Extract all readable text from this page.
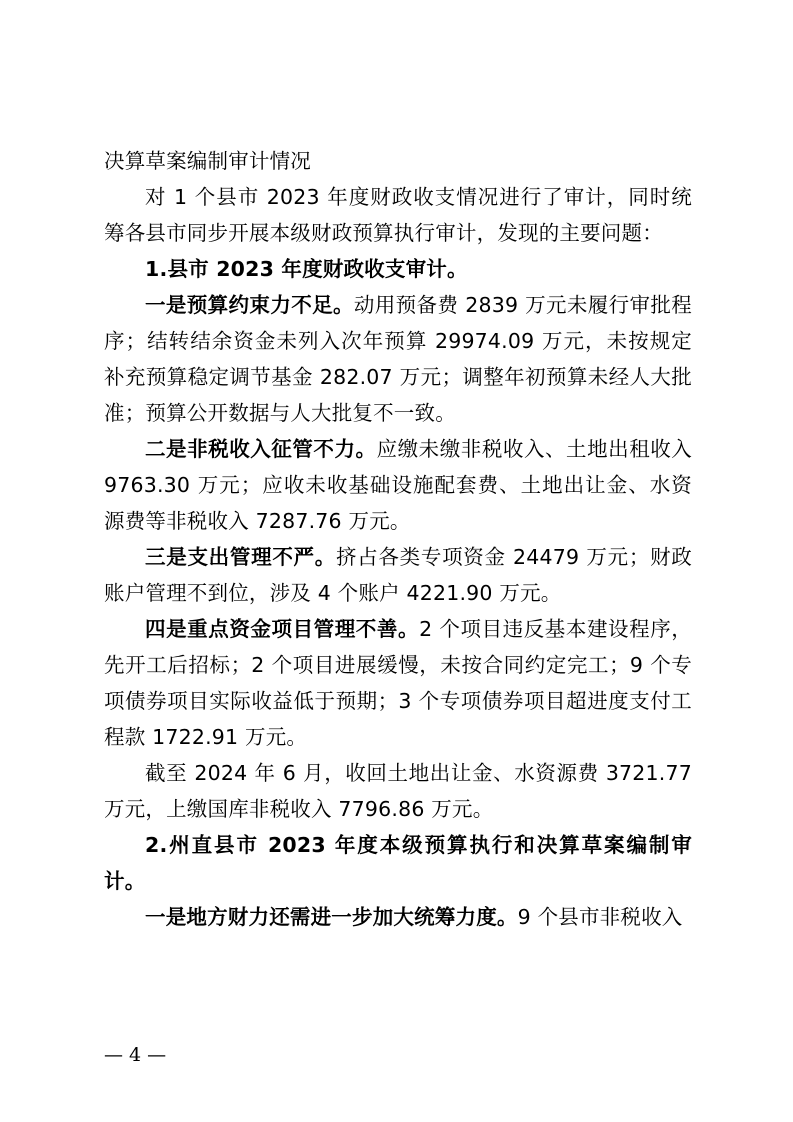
决算草案编制审计情况

对 1 个县市 2023 年度财政收支情况进行了审计，同时统筹各县市同步开展本级财政预算执行审计，发现的主要问题：

1.县市 2023 年度财政收支审计。

一是预算约束力不足。动用预备费 2839 万元未履行审批程序；结转结余资金未列入次年预算 29974.09 万元，未按规定补充预算稳定调节基金 282.07 万元；调整年初预算未经人大批准；预算公开数据与人大批复不一致。

二是非税收入征管不力。应缴未缴非税收入、土地出租收入 9763.30 万元；应收未收基础设施配套费、土地出让金、水资源费等非税收入 7287.76 万元。

三是支出管理不严。挤占各类专项资金 24479 万元；财政账户管理不到位，涉及 4 个账户 4221.90 万元。

四是重点资金项目管理不善。2 个项目违反基本建设程序，先开工后招标；2 个项目进展缓慢，未按合同约定完工；9 个专项债券项目实际收益低于预期；3 个专项债券项目超进度支付工程款 1722.91 万元。

截至 2024 年 6 月，收回土地出让金、水资源费 3721.77 万元，上缴国库非税收入 7796.86 万元。

2.州直县市 2023 年度本级预算执行和决算草案编制审计。

一是地方财力还需进一步加大统筹力度。9 个县市非税收入

— 4 —
